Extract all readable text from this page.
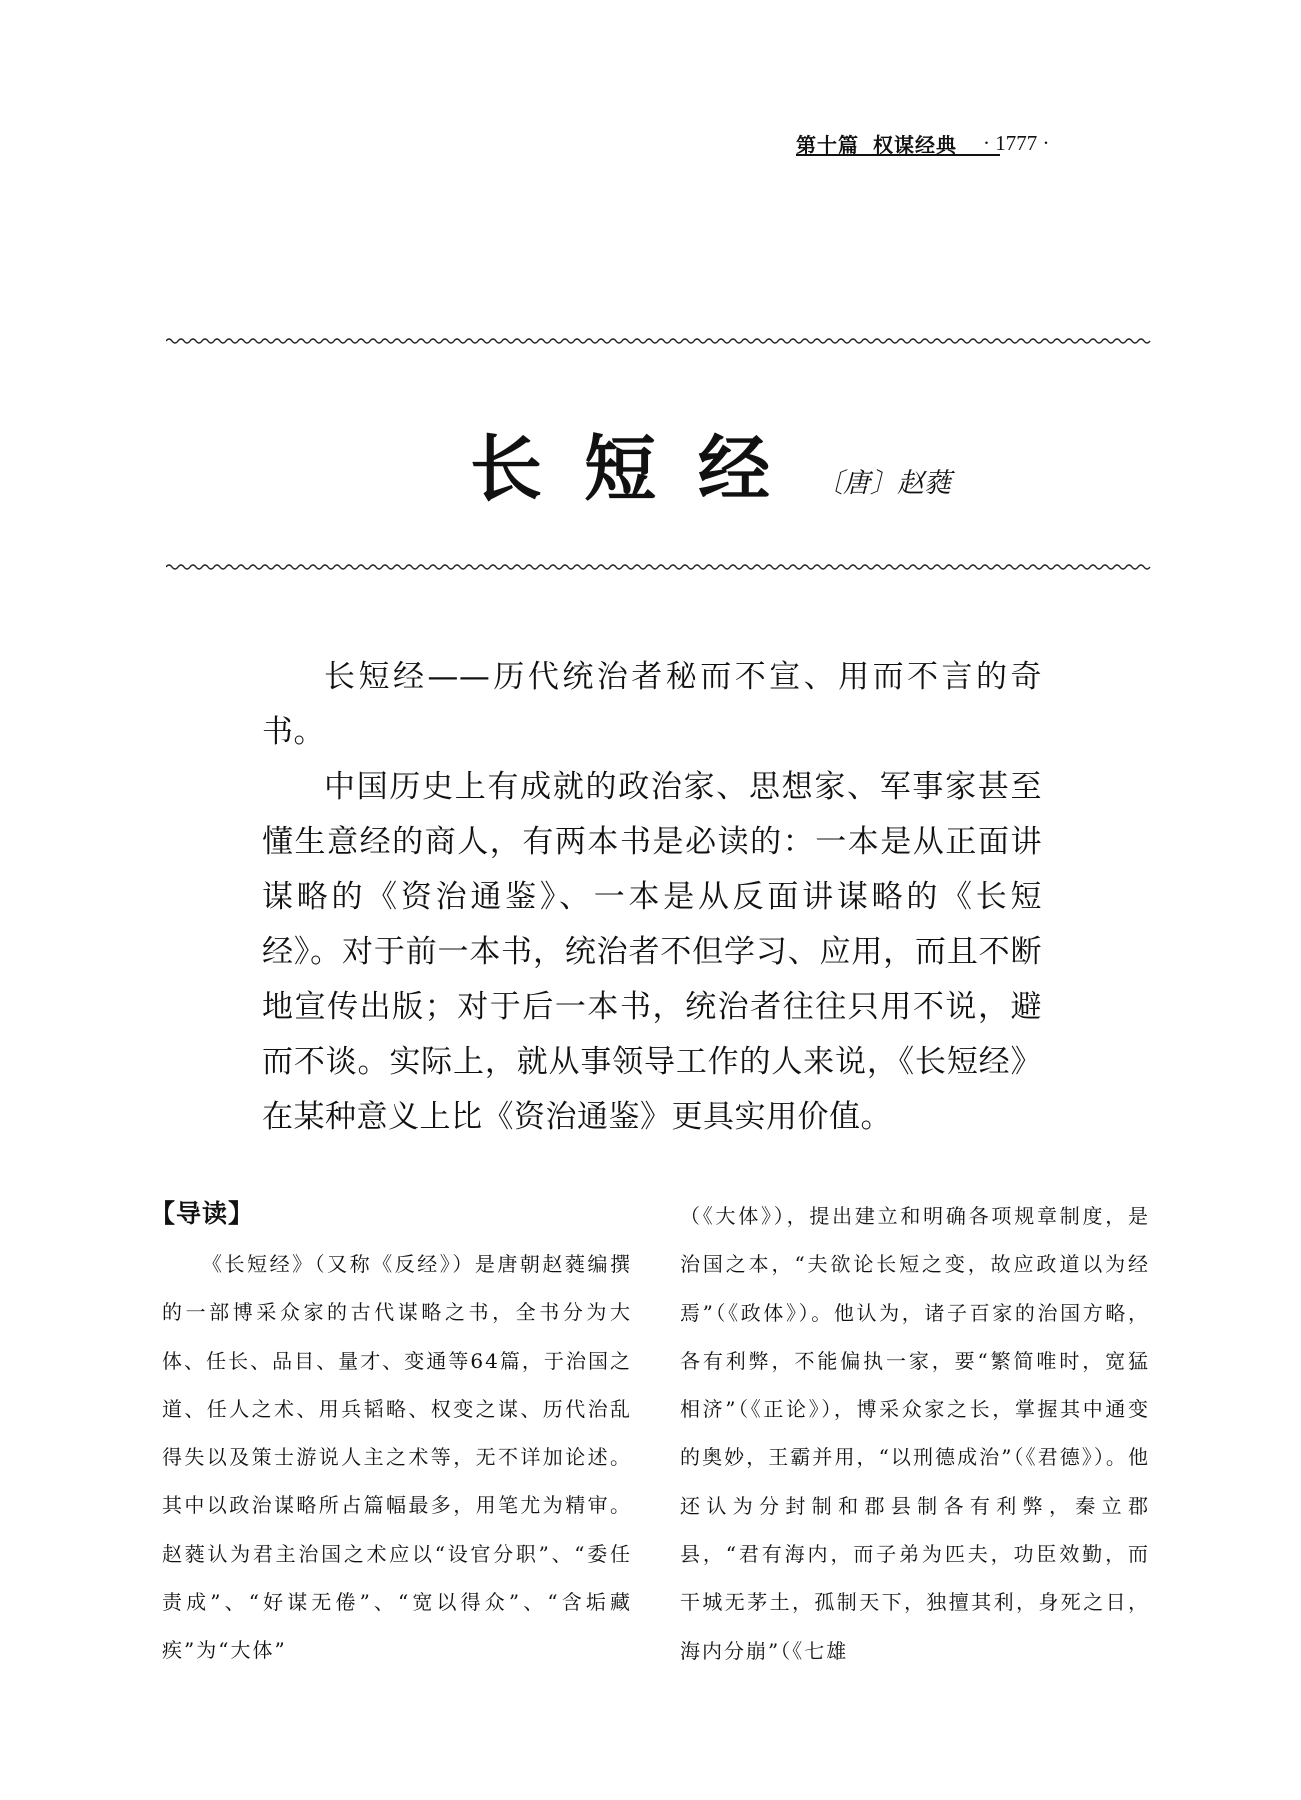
第十篇 权谋经典 · 1777 ·
长短经 〔唐〕赵蕤

长短经——历代统治者秘而不宣、用而不言的奇书。

中国历史上有成就的政治家、思想家、军事家甚至懂生意经的商人，有两本书是必读的：一本是从正面讲谋略的《资治通鉴》、一本是从反面讲谋略的《长短经》。对于前一本书，统治者不但学习、应用，而且不断地宣传出版；对于后一本书，统治者往往只用不说，避而不谈。实际上，就从事领导工作的人来说，《长短经》在某种意义上比《资治通鉴》更具实用价值。

【导读】

《长短经》（又称《反经》）是唐朝赵蕤编撰的一部博采众家的古代谋略之书，全书分为大体、任长、品目、量才、变通等64篇，于治国之道、任人之术、用兵韬略、权变之谋、历代治乱得失以及策士游说人主之术等，无不详加论述。其中以政治谋略所占篇幅最多，用笔尤为精审。赵蕤认为君主治国之术应以“设官分职”、“委任责成”、“好谋无倦”、“宽以得众”、“含垢藏疾”为“大体”

（《大体》），提出建立和明确各项规章制度，是治国之本，“夫欲论长短之变，故应政道以为经焉”（《政体》）。他认为，诸子百家的治国方略，各有利弊，不能偏执一家，要“繁简唯时，宽猛相济”（《正论》），博采众家之长，掌握其中通变的奥妙，王霸并用，“以刑德成治”（《君德》）。他还认为分封制和郡县制各有利弊，秦立郡县，“君有海内，而子弟为匹夫，功臣效勤，而干城无茅土，孤制天下，独擅其利，身死之日，海内分崩”（《七雄
